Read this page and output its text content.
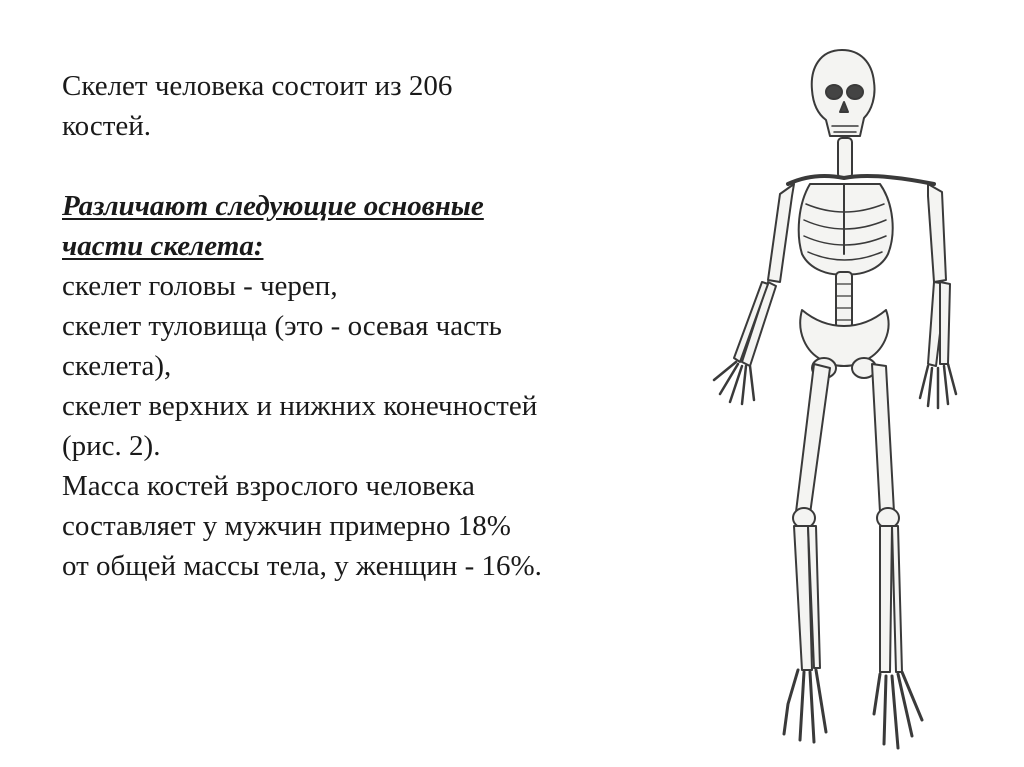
Скелет человека состоит из 206
костей.
Различают следующие основные
части скелета:
скелет головы - череп,
скелет туловища (это - осевая часть
скелета),
скелет верхних и нижних конечностей
(рис. 2).
Масса костей взрослого человека
составляет у мужчин примерно 18%
от общей массы тела, у женщин - 16%.
